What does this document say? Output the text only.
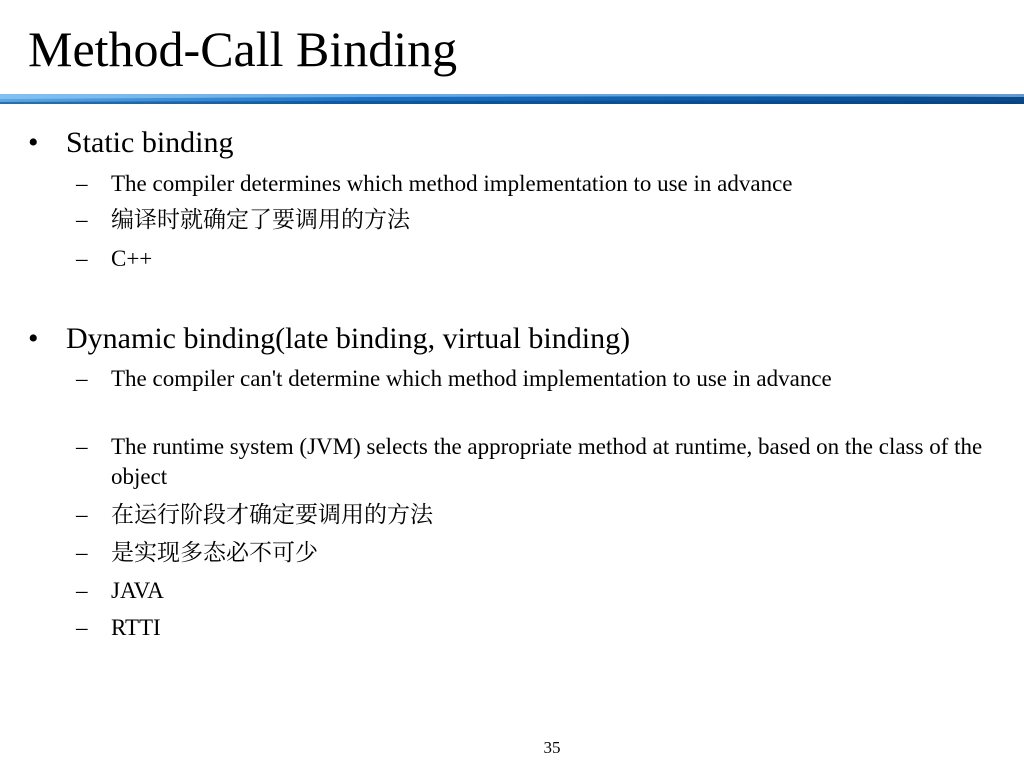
Method-Call Binding
• Static binding
–	The compiler determines which method implementation to use in advance
–	编译时就确定了要调用的方法
–	C++
• Dynamic binding(late binding, virtual binding)
–	The compiler can't determine which method implementation to use in advance
–	The runtime system (JVM) selects the appropriate method at runtime, based on the class of the object
–	在运行阶段才确定要调用的方法
–	是实现多态必不可少
–	JAVA
–	RTTI
35
